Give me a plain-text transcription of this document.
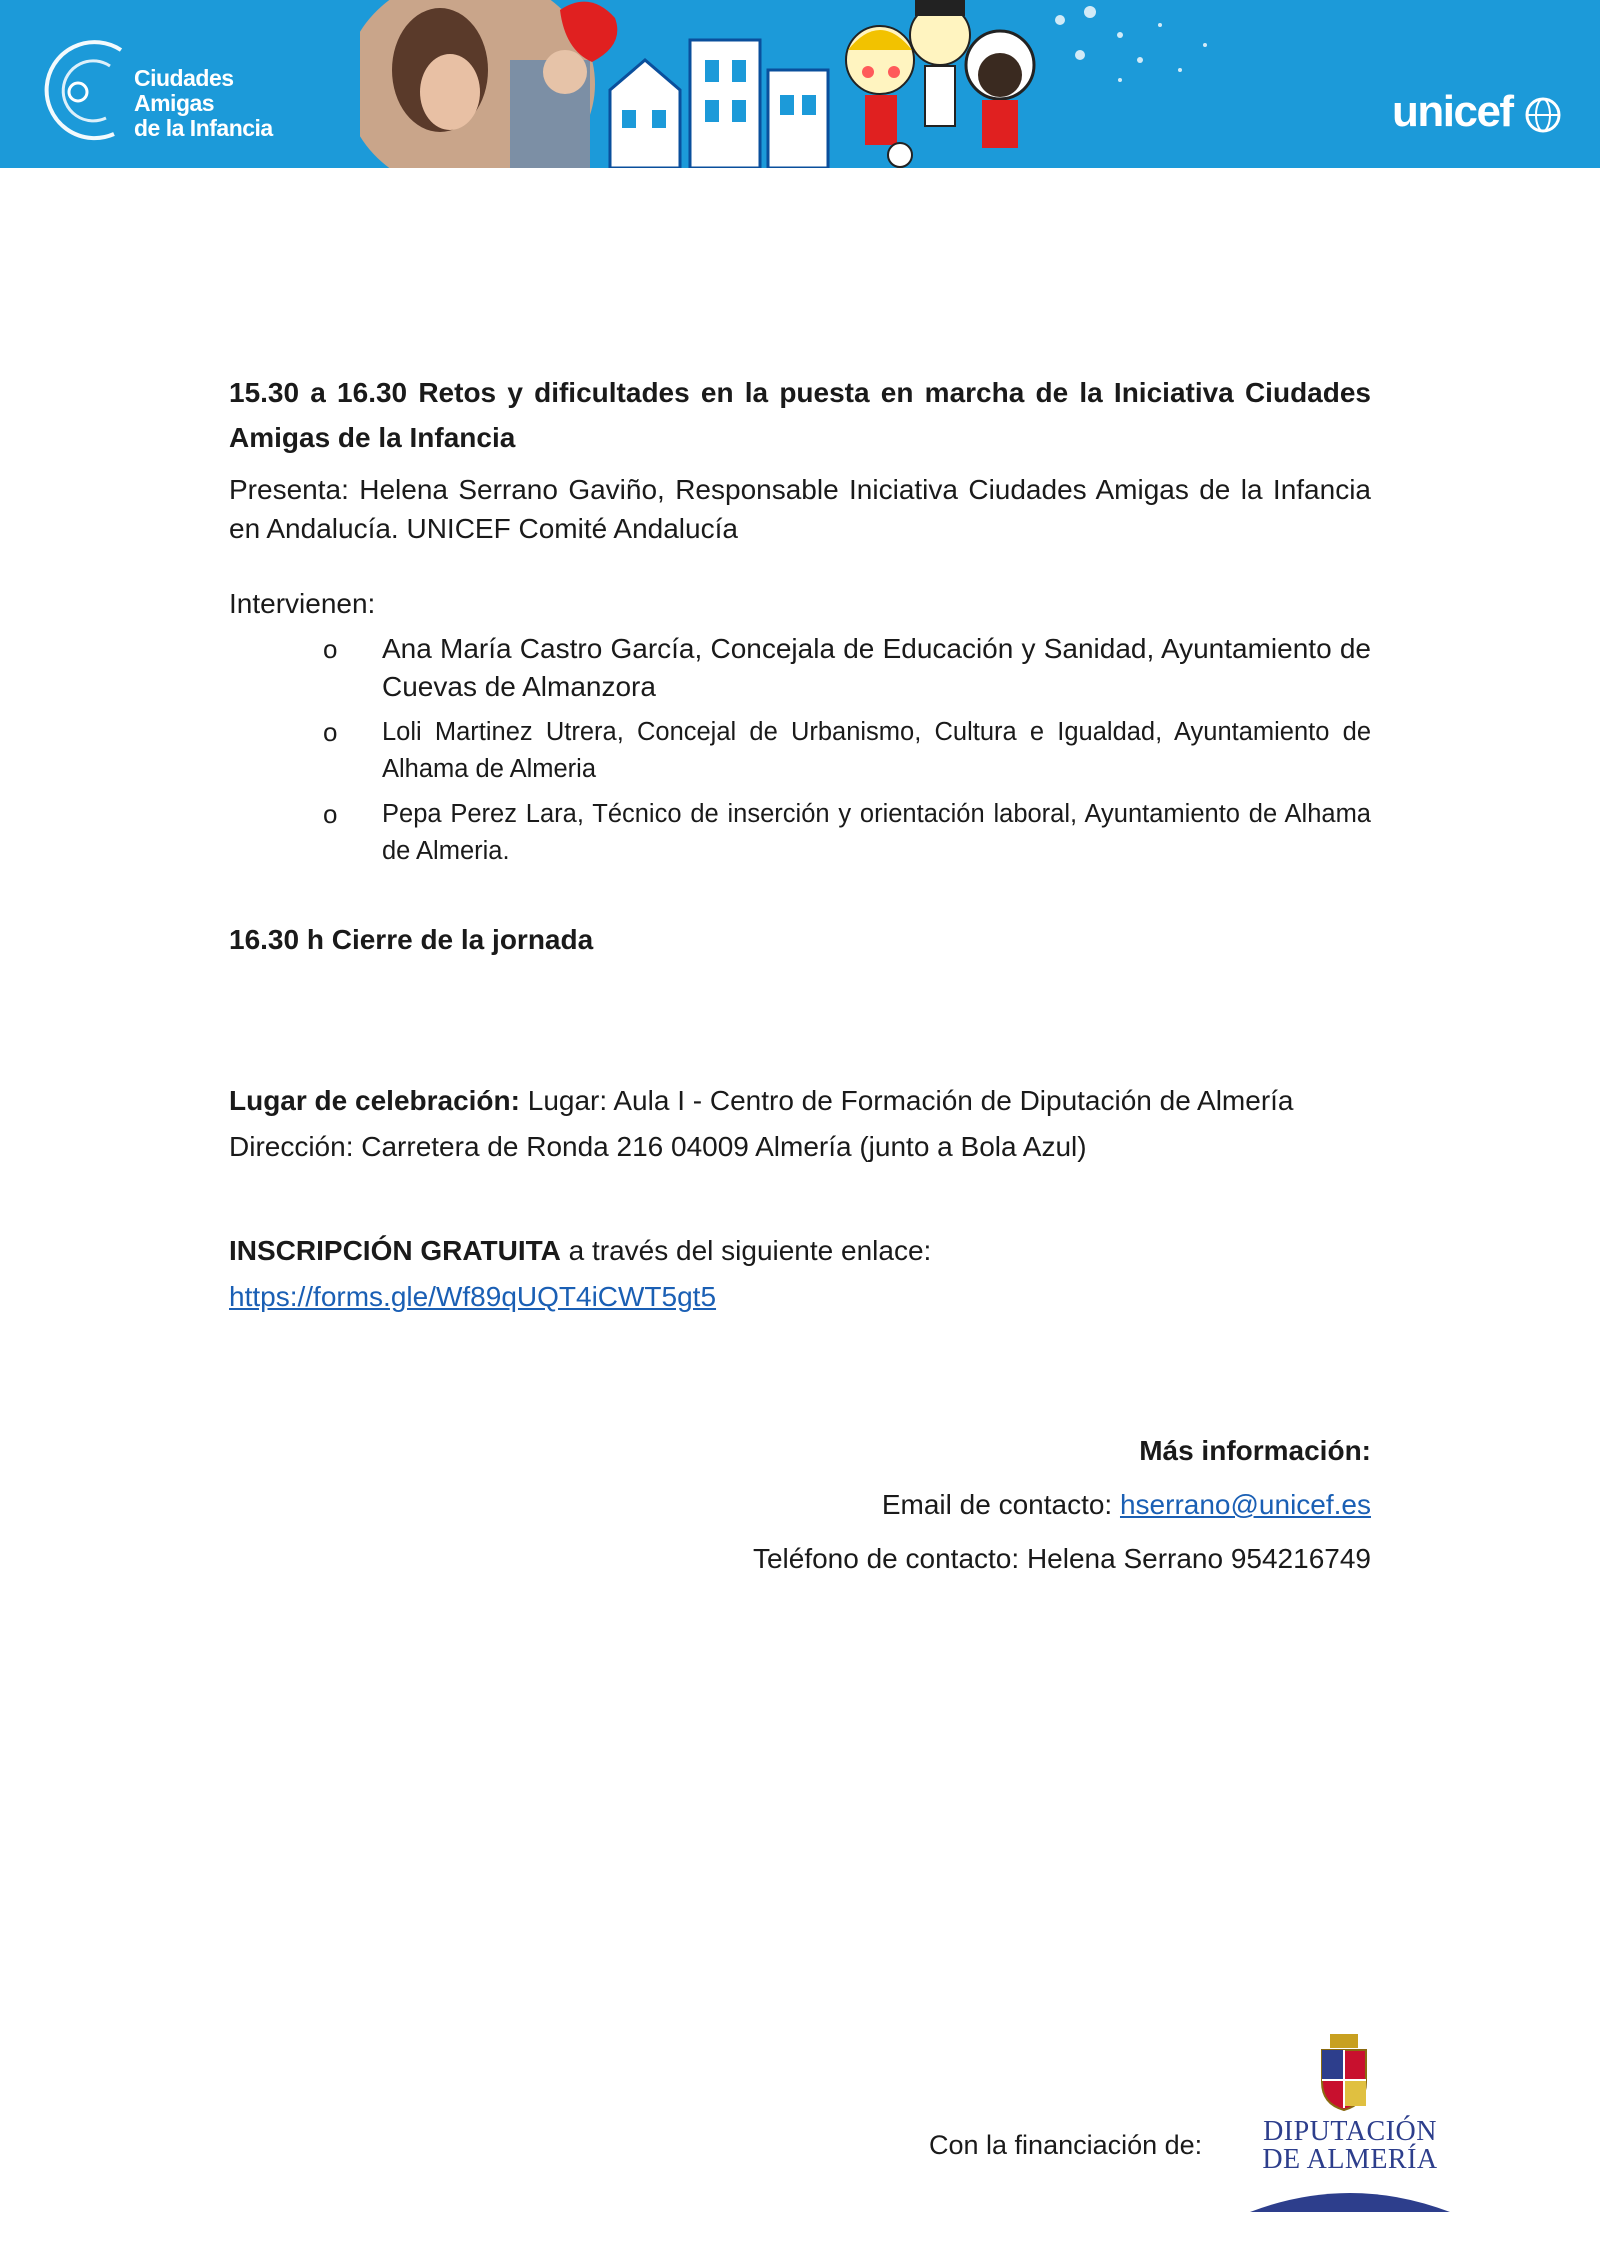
Ciudades
Amigas
de la Infancia	unicef

15.30 a 16.30 Retos y dificultades en la puesta en marcha de la Iniciativa Ciudades Amigas de la Infancia

Presenta: Helena Serrano Gaviño, Responsable Iniciativa Ciudades Amigas de la Infancia en Andalucía. UNICEF Comité Andalucía

Intervienen:

o Ana María Castro García, Concejala de Educación y Sanidad, Ayuntamiento de Cuevas de Almanzora
o Loli Martinez Utrera, Concejal de Urbanismo, Cultura e Igualdad, Ayuntamiento de Alhama de Almeria
o Pepa Perez Lara, Técnico de inserción y orientación laboral, Ayuntamiento de Alhama de Almeria.

16.30 h Cierre de la jornada

Lugar de celebración: Lugar: Aula I - Centro de Formación de Diputación de Almería

Dirección: Carretera de Ronda 216 04009 Almería (junto a Bola Azul)

INSCRIPCIÓN GRATUITA a través del siguiente enlace:

https://forms.gle/Wf89qUQT4iCWT5gt5
Más información:
Email de contacto: hserrano@unicef.es
Teléfono de contacto: Helena Serrano 954216749
Con la financiación de:	DIPUTACIÓN
DE ALMERÍA
